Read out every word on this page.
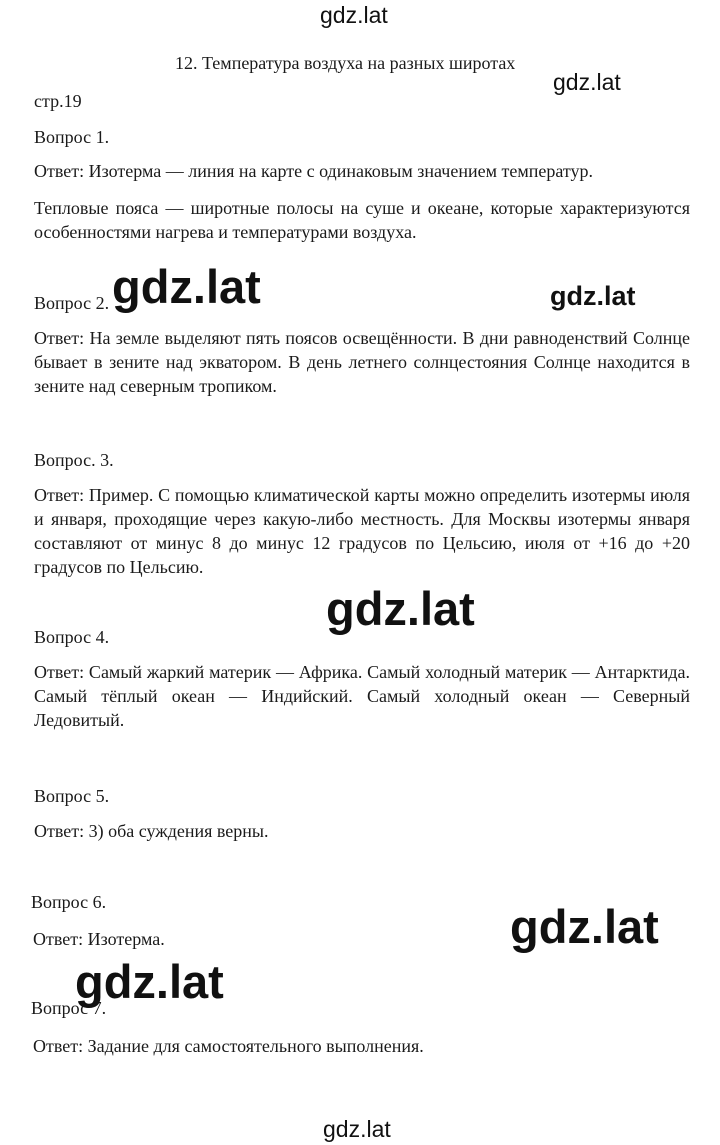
12. Температура воздуха на разных широтах
стр.19
Вопрос 1.
Ответ: Изотерма — линия на карте с одинаковым значением температур.
Тепловые пояса — широтные полосы на суше и океане, которые характеризуются особенностями нагрева и температурами воздуха.
Вопрос 2.
Ответ: На земле выделяют пять поясов освещённости. В дни равноденствий Солнце бывает в зените над экватором. В день летнего солнцестояния Солнце находится в зените над северным тропиком.
Вопрос. 3.
Ответ: Пример. С помощью климатической карты можно определить изотермы июля и января, проходящие через какую-либо местность. Для Москвы изотермы января составляют от минус 8 до минус 12 градусов по Цельсию, июля от +16 до +20 градусов по Цельсию.
Вопрос 4.
Ответ: Самый жаркий материк — Африка. Самый холодный материк — Антарктида. Самый тёплый океан — Индийский. Самый холодный океан — Северный Ледовитый.
Вопрос 5.
Ответ: 3) оба суждения верны.
Вопрос 6.
Ответ: Изотерма.
Вопрос 7.
Ответ: Задание для самостоятельного выполнения.
gdz.lat
gdz.lat
gdz.lat	gdz.lat
gdz.lat
gdz.lat
gdz.lat
gdz.lat
